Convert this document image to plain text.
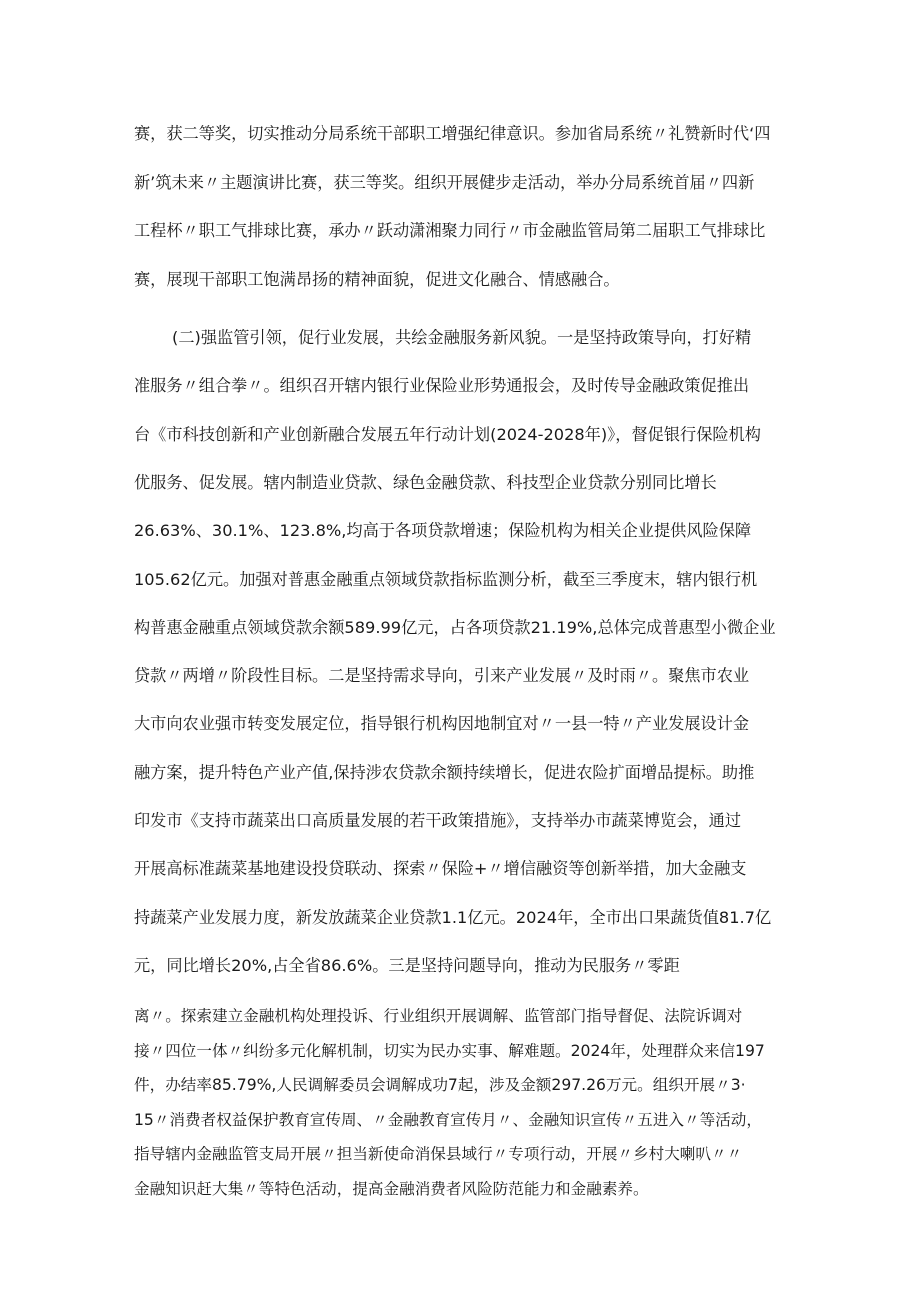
赛，获二等奖，切实推动分局系统干部职工增强纪律意识。参加省局系统〃礼赞新时代‘四
新’筑未来〃主题演讲比赛，获三等奖。组织开展健步走活动，举办分局系统首届〃四新
工程杯〃职工气排球比赛，承办〃跃动潇湘聚力同行〃市金融监管局第二届职工气排球比
赛，展现干部职工饱满昂扬的精神面貌，促进文化融合、情感融合。
(二)强监管引领，促行业发展，共绘金融服务新风貌。一是坚持政策导向，打好精
准服务〃组合拳〃。组织召开辖内银行业保险业形势通报会，及时传导金融政策促推出
台《市科技创新和产业创新融合发展五年行动计划(2024-2028年)》，督促银行保险机构
优服务、促发展。辖内制造业贷款、绿色金融贷款、科技型企业贷款分别同比增长
26.63%、30.1%、123.8%,均高于各项贷款增速；保险机构为相关企业提供风险保障
105.62亿元。加强对普惠金融重点领域贷款指标监测分析，截至三季度末，辖内银行机
构普惠金融重点领域贷款余额589.99亿元，占各项贷款21.19%,总体完成普惠型小微企业
贷款〃两增〃阶段性目标。二是坚持需求导向，引来产业发展〃及时雨〃。聚焦市农业
大市向农业强市转变发展定位，指导银行机构因地制宜对〃一县一特〃产业发展设计金
融方案，提升特色产业产值,保持涉农贷款余额持续增长，促进农险扩面增品提标。助推
印发市《支持市蔬菜出口高质量发展的若干政策措施》，支持举办市蔬菜博览会，通过
开展高标准蔬菜基地建设投贷联动、探索〃保险+〃增信融资等创新举措，加大金融支
持蔬菜产业发展力度，新发放蔬菜企业贷款1.1亿元。2024年，全市出口果蔬货值81.7亿
元，同比增长20%,占全省86.6%。三是坚持问题导向，推动为民服务〃零距
离〃。探索建立金融机构处理投诉、行业组织开展调解、监管部门指导督促、法院诉调对
接〃四位一体〃纠纷多元化解机制，切实为民办实事、解难题。2024年，处理群众来信197
件，办结率85.79%,人民调解委员会调解成功7起，涉及金额297.26万元。组织开展〃3·
15〃消费者权益保护教育宣传周、〃金融教育宣传月〃、金融知识宣传〃五进入〃等活动，
指导辖内金融监管支局开展〃担当新使命消保县域行〃专项行动，开展〃乡村大喇叭〃〃
金融知识赶大集〃等特色活动，提高金融消费者风险防范能力和金融素养。
